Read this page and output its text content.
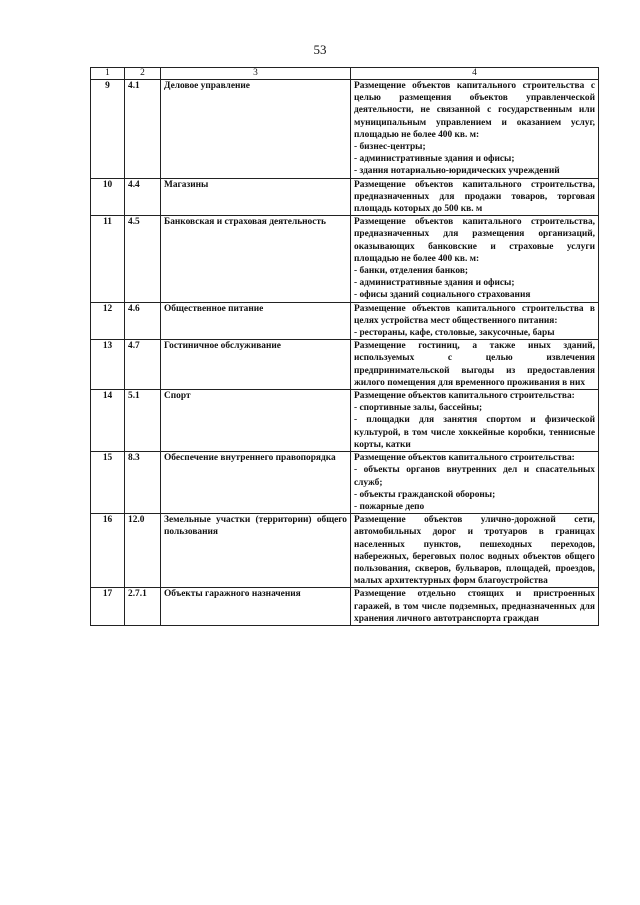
53
1	2	3	4
9	4.1	Деловое управление	Размещение объектов капитального строительства с целью размещения объектов управленческой деятельности, не связанной с государственным или муниципальным управлением и оказанием услуг, площадью не более 400 кв. м:
- бизнес-центры;
- административные здания и офисы;
- здания нотариально-юридических учреждений

10	4.4	Магазины	Размещение объектов капитального строительства, предназначенных для продажи товаров, торговая площадь которых до 500 кв. м

11	4.5	Банковская и страховая деятельность	Размещение объектов капитального строительства, предназначенных для размещения организаций, оказывающих банковские и страховые услуги площадью не более 400 кв. м:
- банки, отделения банков;
- административные здания и офисы;
- офисы зданий социального страхования

12	4.6	Общественное питание	Размещение объектов капитального строительства в целях устройства мест общественного питания:
- рестораны, кафе, столовые, закусочные, бары

13	4.7	Гостиничное обслуживание	Размещение гостиниц, а также иных зданий, используемых с целью извлечения предпринимательской выгоды из предоставления жилого помещения для временного проживания в них

14	5.1	Спорт	Размещение объектов капитального строительства:
- спортивные залы, бассейны;
- площадки для занятия спортом и физической культурой, в том числе хоккейные коробки, теннисные корты, катки

15	8.3	Обеспечение внутреннего правопорядка	Размещение объектов капитального строительства:
- объекты органов внутренних дел и спасательных служб;
- объекты гражданской обороны;
- пожарные депо

16	12.0	Земельные участки (территории) общего пользования	Размещение объектов улично-дорожной сети, автомобильных дорог и тротуаров в границах населенных пунктов, пешеходных переходов, набережных, береговых полос водных объектов общего пользования, скверов, бульваров, площадей, проездов, малых архитектурных форм благоустройства

17	2.7.1	Объекты гаражного назначения	Размещение отдельно стоящих и пристроенных гаражей, в том числе подземных, предназначенных для хранения личного автотранспорта граждан
